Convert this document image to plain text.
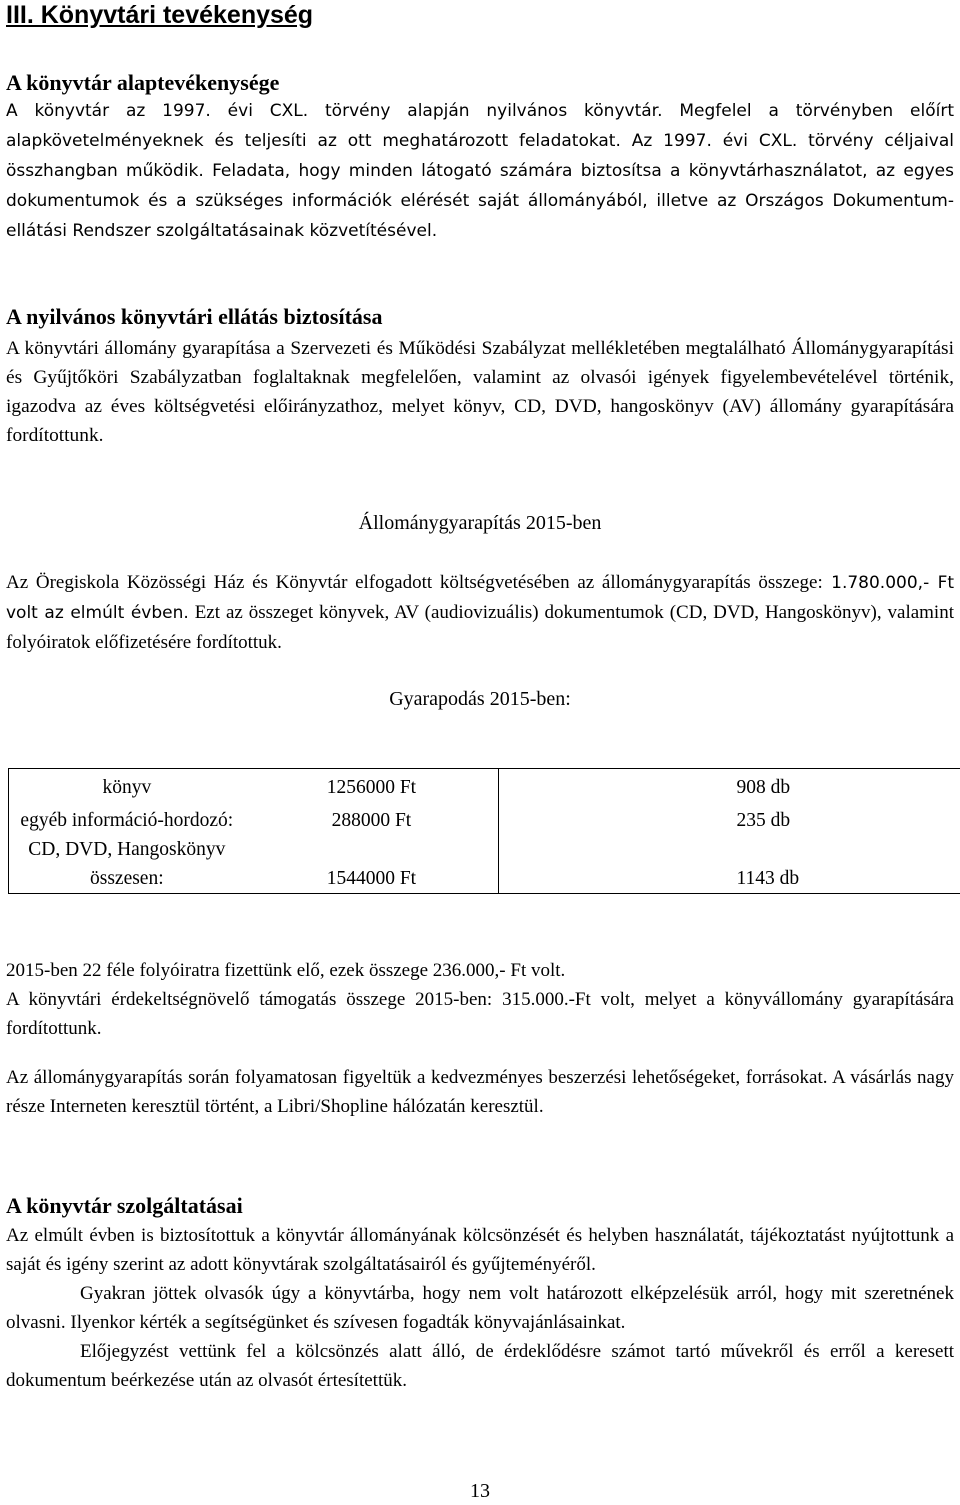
III. Könyvtári tevékenység
A könyvtár alaptevékenysége

A könyvtár az 1997. évi CXL. törvény alapján nyilvános könyvtár. Megfelel a törvényben előírt alapkövetelményeknek és teljesíti az ott meghatározott feladatokat. Az 1997. évi CXL. törvény céljaival összhangban működik. Feladata, hogy minden látogató számára biztosítsa a könyvtárhasználatot, az egyes dokumentumok és a szükséges információk elérését saját állományából, illetve az Országos Dokumentum-ellátási Rendszer szolgáltatásainak közvetítésével.

A nyilvános könyvtári ellátás biztosítása

A könyvtári állomány gyarapítása a Szervezeti és Működési Szabályzat mellékletében megtalálható Állománygyarapítási és Gyűjtőköri Szabályzatban foglaltaknak megfelelően, valamint az olvasói igények figyelembevételével történik, igazodva az éves költségvetési előirányzathoz, melyet könyv, CD, DVD, hangoskönyv (AV) állomány gyarapítására fordítottunk.

Állománygyarapítás 2015-ben

Az Öregiskola Közösségi Ház és Könyvtár elfogadott költségvetésében az állománygyarapítás összege: 1.780.000,- Ft volt az elmúlt évben. Ezt az összeget könyvek, AV (audiovizuális) dokumentumok (CD, DVD, Hangoskönyv), valamint folyóiratok előfizetésére fordítottuk.

Gyarapodás 2015-ben:
könyv	1256000 Ft		908 db
egyéb információ-hordozó: CD, DVD, Hangoskönyv	288000 Ft		235 db
összesen:	1544000 Ft		1143 db

2015-ben 22 féle folyóiratra fizettünk elő, ezek összege 236.000,- Ft volt.

A könyvtári érdekeltségnövelő támogatás összege 2015-ben: 315.000.-Ft volt, melyet a könyvállomány gyarapítására fordítottunk.

Az állománygyarapítás során folyamatosan figyeltük a kedvezményes beszerzési lehetőségeket, forrásokat. A vásárlás nagy része Interneten keresztül történt, a Libri/Shopline hálózatán keresztül.

A könyvtár szolgáltatásai

Az elmúlt évben is biztosítottuk a könyvtár állományának kölcsönzését és helyben használatát, tájékoztatást nyújtottunk a saját és igény szerint az adott könyvtárak szolgáltatásairól és gyűjteményéről.

Gyakran jöttek olvasók úgy a könyvtárba, hogy nem volt határozott elképzelésük arról, hogy mit szeretnének olvasni. Ilyenkor kérték a segítségünket és szívesen fogadták könyvajánlásainkat.

Előjegyzést vettünk fel a kölcsönzés alatt álló, de érdeklődésre számot tartó művekről és erről a keresett dokumentum beérkezése után az olvasót értesítettük.

13
